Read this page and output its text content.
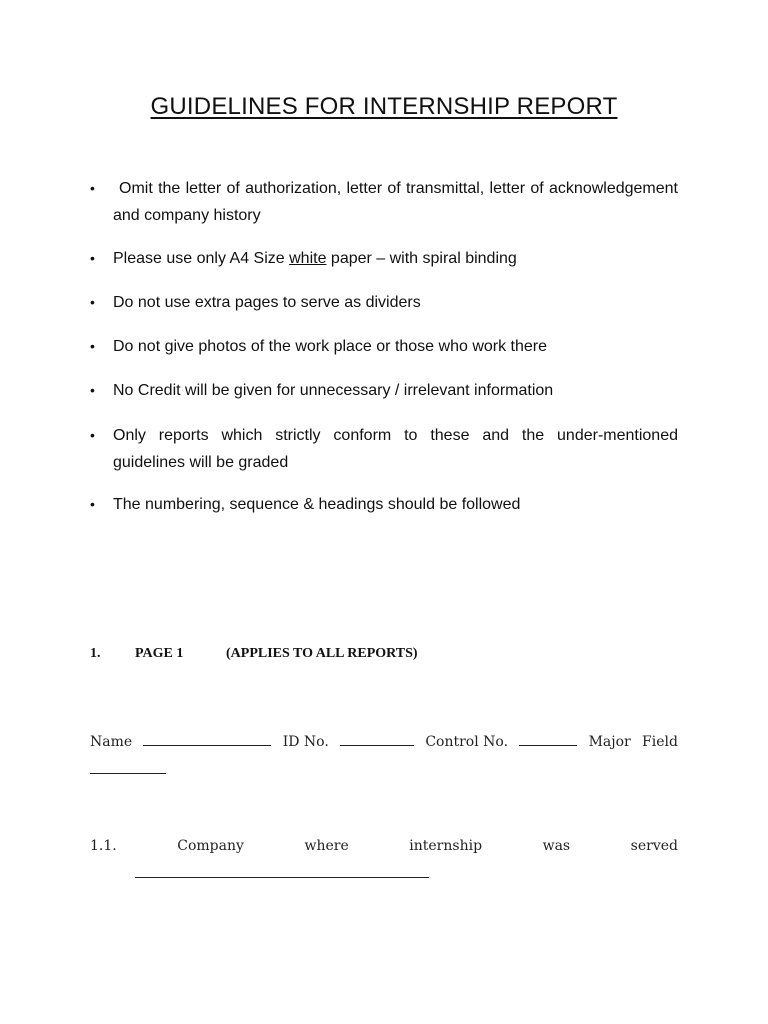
GUIDELINES FOR INTERNSHIP REPORT
•	Omit the letter of authorization, letter of transmittal, letter of acknowledgement and company history
•	Please use only A4 Size white paper – with spiral binding
•	Do not use extra pages to serve as dividers
•	Do not give photos of the work place or those who work there
•	No Credit will be given for unnecessary / irrelevant information
•	Only reports which strictly conform to these and the under-mentioned guidelines will be graded
•	The numbering, sequence & headings should be followed
1.	PAGE 1	(APPLIES TO ALL REPORTS)
Name	ID No.	Control No.	Major Field
1.1.	Company	where	internship	was	served
